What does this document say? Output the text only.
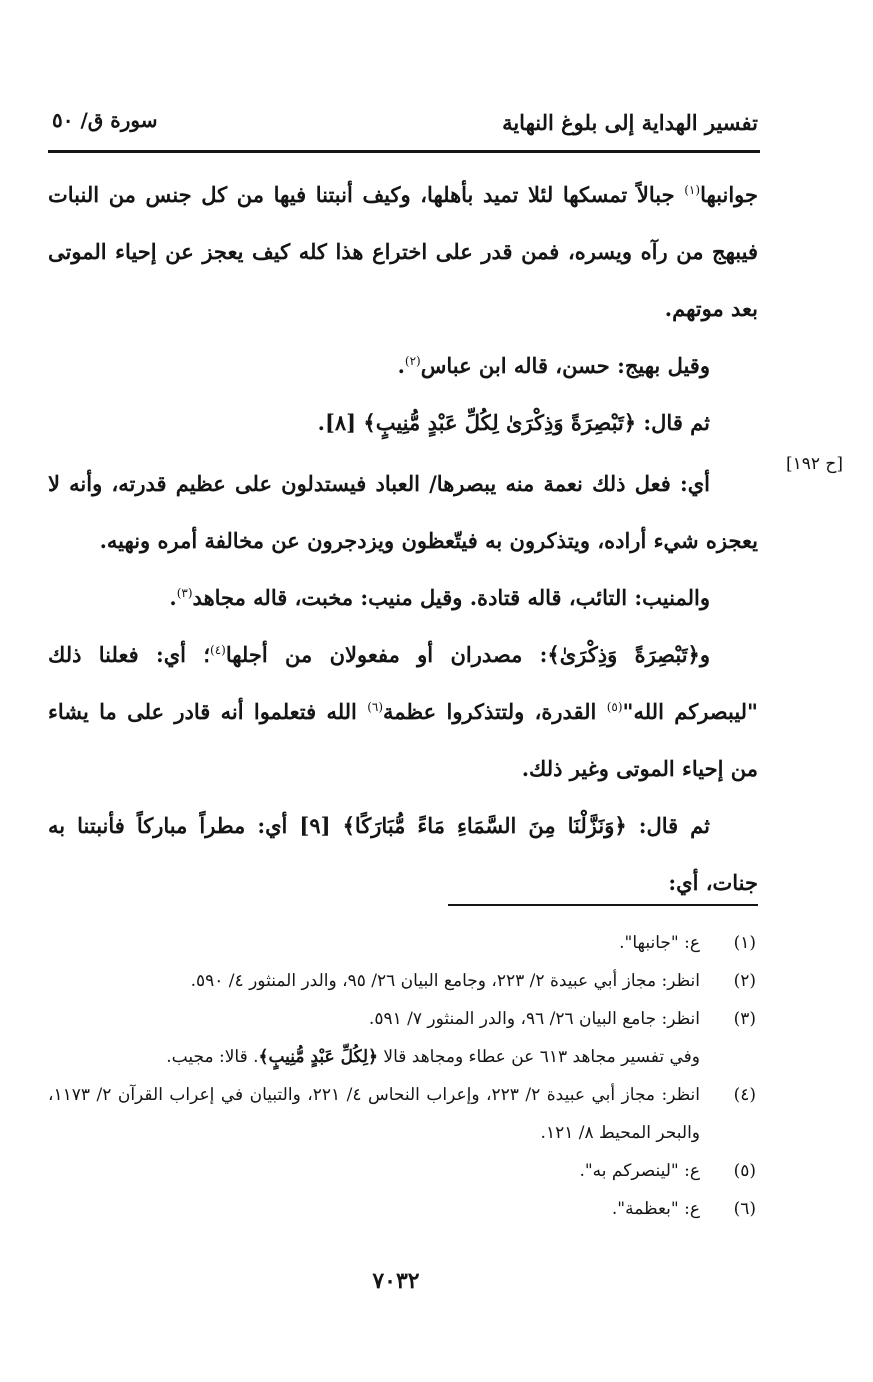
تفسير الهداية إلى بلوغ النهاية
سورة ق/ ٥٠
[ح ١٩٢]

جوانبها$^{(١)}$ جبالاً تمسكها لئلا تميد بأهلها، وكيف أنبتنا فيها من كل جنس من النبات فيبهج من رآه ويسره، فمن قدر على اختراع هذا كله كيف يعجز عن إحياء الموتى بعد موتهم.

وقيل بهيج: حسن، قاله ابن عباس$^{(٢)}$.

ثم قال: ﴿تَبْصِرَةً وَذِكْرَىٰ لِكُلِّ عَبْدٍ مُّنِيبٍ﴾ [٨].

أي: فعل ذلك نعمة منه يبصرها/ العباد فيستدلون على عظيم قدرته، وأنه لا يعجزه شيء أراده، ويتذكرون به فيتّعظون ويزدجرون عن مخالفة أمره ونهيه.

والمنيب: التائب، قاله قتادة. وقيل منيب: مخبت، قاله مجاهد$^{(٣)}$.

و﴿تَبْصِرَةً وَذِكْرَىٰ﴾: مصدران أو مفعولان من أجلها$^{(٤)}$؛ أي: فعلنا ذلك "ليبصركم الله"$^{(٥)}$ القدرة، ولتتذكروا عظمة$^{(٦)}$ الله فتعلموا أنه قادر على ما يشاء من إحياء الموتى وغير ذلك.

ثم قال: ﴿وَنَزَّلْنَا مِنَ السَّمَاءِ مَاءً مُّبَارَكًا﴾ [٩] أي: مطراً مباركاً فأنبتنا به جنات، أي:

(١)
ع: "جانبها".
(٢)
انظر: مجاز أبي عبيدة ٢/ ٢٢٣، وجامع البيان ٢٦/ ٩٥، والدر المنثور ٤/ ٥٩٠.
(٣)
انظر: جامع البيان ٢٦/ ٩٦، والدر المنثور ٧/ ٥٩١.
وفي تفسير مجاهد ٦١٣ عن عطاء ومجاهد قالا ﴿لِكُلِّ عَبْدٍ مُّنِيبٍ﴾. قالا: مجيب.
(٤)
انظر: مجاز أبي عبيدة ٢/ ٢٢٣، وإعراب النحاس ٤/ ٢٢١، والتبيان في إعراب القرآن ٢/ ١١٧٣، والبحر المحيط ٨/ ١٢١.
(٥)
ع: "لينصركم به".
(٦)
ع: "بعظمة".
٧٠٣٢
